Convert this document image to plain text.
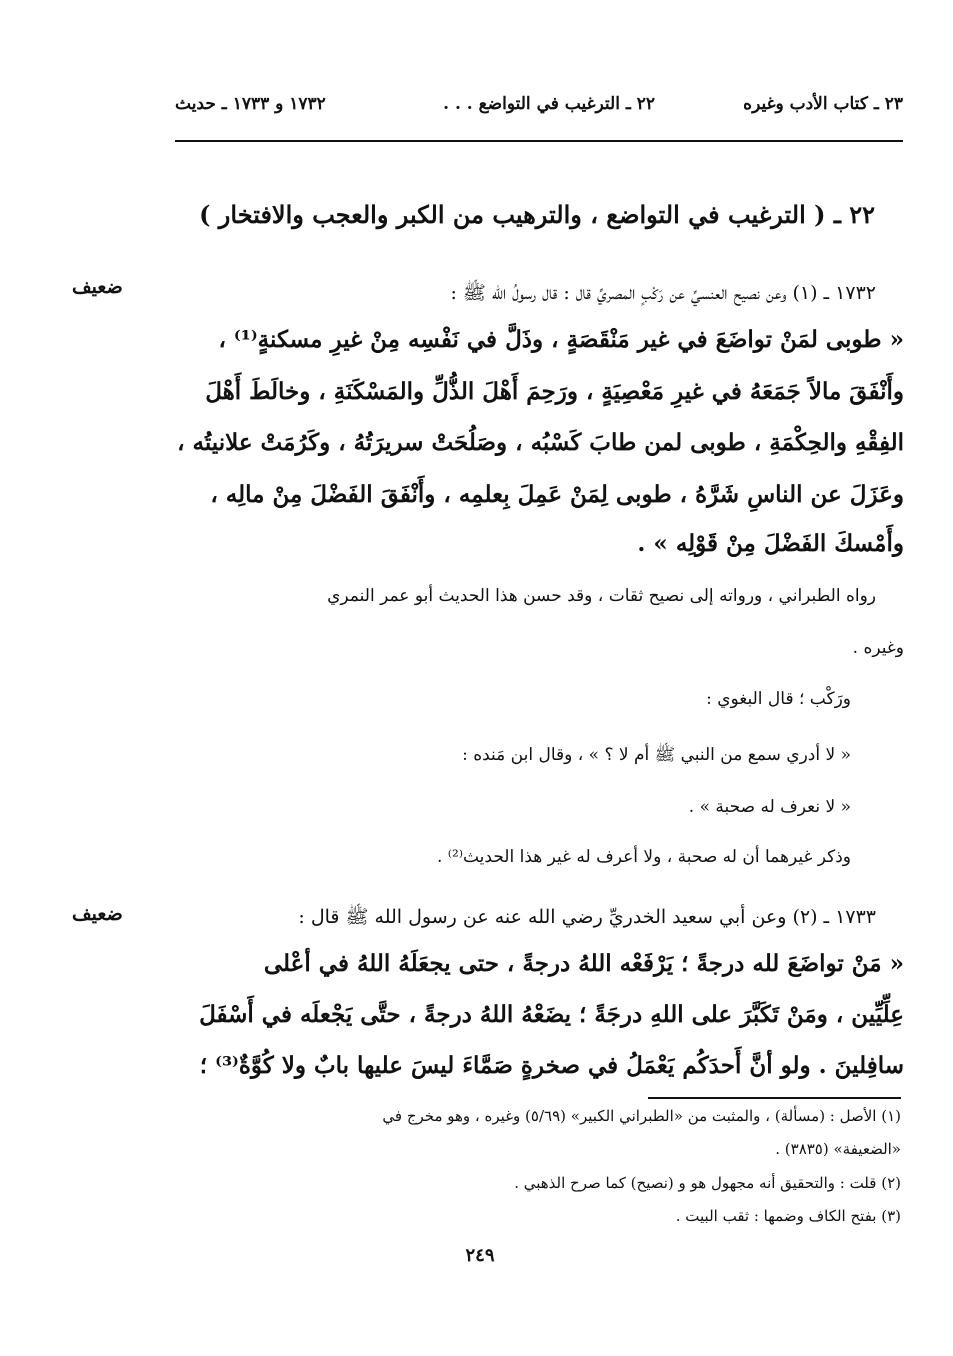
٢٣ ـ كتاب الأدب وغيره
٢٢ ـ الترغيب في التواضع . . .
١٧٣٢ و ١٧٣٣ ـ حديث
٢٢ ـ ( الترغيب في التواضع ، والترهيب من الكبر والعجب والافتخار )
ضعيف	١٧٣٢ ـ (١) وعن نصيح العنسيِّ عن رَكْبٍ المصريِّ قال : قال رسولُ الله ﷺ :
« طوبى لمَنْ تواضَعَ في غير مَنْقَصَةٍ ، وذَلَّ في نَفْسِه مِنْ غيرِ مسكنةٍ⁽¹⁾ ،
وأَنْفَقَ مالاً جَمَعَهُ في غيرِ مَعْصِيَةٍ ، ورَحِمَ أَهْلَ الذُّلِّ والمَسْكَنَةِ ، وخالَطَ أَهْلَ
الفِقْهِ والحِكْمَةِ ، طوبى لمن طابَ كَسْبُه ، وصَلُحَتْ سريرَتُهُ ، وكَرُمَتْ علانيتُه ،
وعَزَلَ عن الناسِ شَرَّهُ ، طوبى لِمَنْ عَمِلَ بِعلمِه ، وأَنْفَقَ الفَضْلَ مِنْ مالِه ،
وأَمْسكَ الفَضْلَ مِنْ قَوْلِه » .
رواه الطبراني ، ورواته إلى نصيح ثقات ، وقد حسن هذا الحديث أبو عمر النمري
وغيره .
ورَكْب ؛ قال البغوي :
« لا أدري سمع من النبي ﷺ أم لا ؟ » ، وقال ابن مَنده :
« لا نعرف له صحبة » .
وذكر غيرهما أن له صحبة ، ولا أعرف له غير هذا الحديث⁽²⁾ .
ضعيف	١٧٣٣ ـ (٢) وعن أبي سعيد الخدريِّ رضي الله عنه عن رسول الله ﷺ قال :
« مَنْ تواضَعَ لله درجةً ؛ يَرْفَعْه اللهُ درجةً ، حتى يجعَلَهُ اللهُ في أعْلى
عِلِّيِّين ، ومَنْ تَكَبَّرَ على اللهِ درجَةً ؛ يضَعْهُ اللهُ درجةً ، حتَّى يَجْعلَه في أَسْفَلَ
سافِلينَ . ولو أنَّ أَحدَكُم يَعْمَلُ في صخرةٍ صَمَّاءَ ليسَ عليها بابٌ ولا كُوَّةٌ⁽³⁾ ؛
(١) الأصل : (مسألة) ، والمثبت من «الطبراني الكبير» (٥/٦٩) وغيره ، وهو مخرج في
«الضعيفة» (٣٨٣٥) .
(٢) قلت : والتحقيق أنه مجهول هو و (نصيح) كما صرح الذهبي .
(٣) بفتح الكاف وضمها : ثقب البيت .
٢٤٩
